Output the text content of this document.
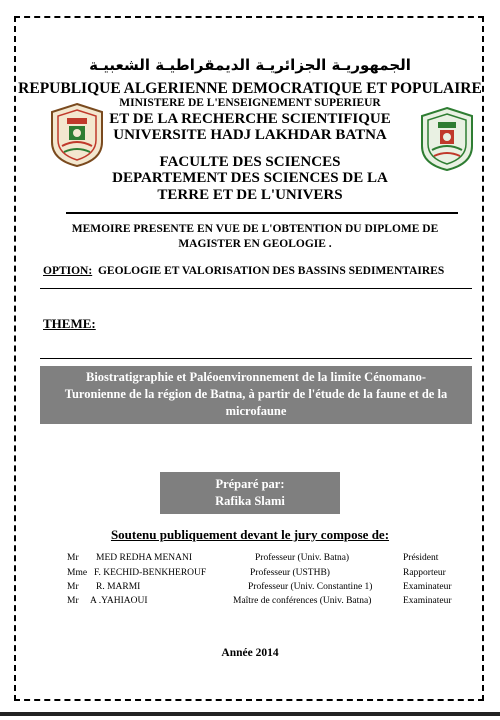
الجمهوريـة الجزائريـة الديمقراطيـة الشعبيـة
REPUBLIQUE ALGERIENNE DEMOCRATIQUE ET POPULAIRE
MINISTERE DE L'ENSEIGNEMENT SUPERIEUR
ET DE LA RECHERCHE SCIENTIFIQUE
UNIVERSITE HADJ LAKHDAR BATNA
FACULTE DES SCIENCES
DEPARTEMENT DES SCIENCES DE LA
TERRE ET DE L'UNIVERS
MEMOIRE PRESENTE EN VUE DE L'OBTENTION DU DIPLOME DE
MAGISTER EN GEOLOGIE .
OPTION: GEOLOGIE ET VALORISATION DES BASSINS SEDIMENTAIRES
THEME:
Biostratigraphie et Paléoenvironnement de la limite Cénomano-
Turonienne de la région de Batna, à partir de l'étude de la faune et de la
microfaune
Préparé par:
Rafika Slami
Soutenu publiquement devant le jury compose de:
Mr MED REDHA MENANI	Professeur (Univ. Batna)	Président
Mme F. KECHID-BENKHEROUF	Professeur (USTHB)	Rapporteur
Mr R. MARMI	Professeur (Univ. Constantine 1)	Examinateur
Mr A .YAHIAOUI	Maître de conférences (Univ. Batna)	Examinateur
Année 2014
